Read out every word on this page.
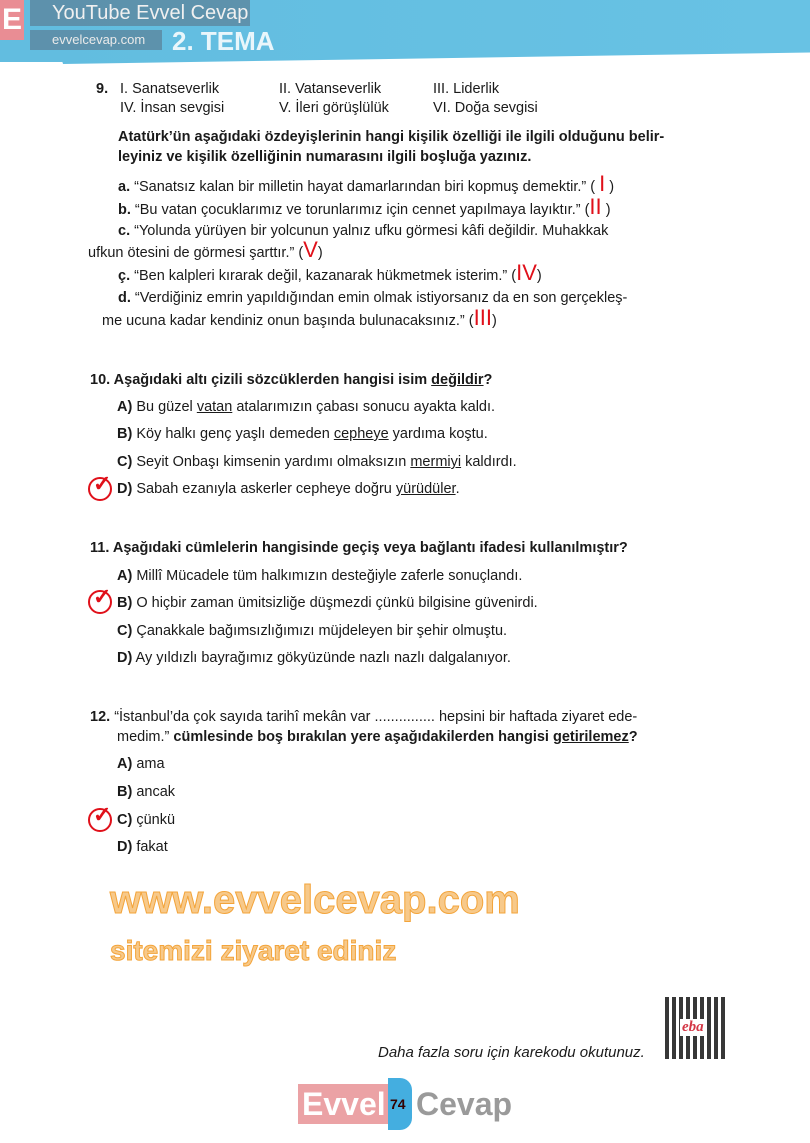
YouTube Evvel Cevap
evvelcevap.com	2. TEMA
E
9. I. Sanatseverlik	II. Vatanseverlik	III. Liderlik
IV. İnsan sevgisi	V. İleri görüşlülük	VI. Doğa sevgisi
Atatürk’ün aşağıdaki özdeyişlerinin hangi kişilik özelliği ile ilgili olduğunu belir-
leyiniz ve kişilik özelliğinin numarasını ilgili boşluğa yazınız.
a. “Sanatsız kalan bir milletin hayat damarlarından biri kopmuş demektir.” ( I )
b. “Bu vatan çocuklarımız ve torunlarımız için cennet yapılmaya layıktır.” (II )
c. “Yolunda yürüyen bir yolcunun yalnız ufku görmesi kâfi değildir. Muhakkak
ufkun ötesini de görmesi şarttır.” (V)
ç. “Ben kalpleri kırarak değil, kazanarak hükmetmek isterim.” (IV)
d. “Verdiğiniz emrin yapıldığından emin olmak istiyorsanız da en son gerçekleş-
me ucuna kadar kendiniz onun başında bulunacaksınız.” (III)
10. Aşağıdaki altı çizili sözcüklerden hangisi isim değildir?
A) Bu güzel vatan atalarımızın çabası sonucu ayakta kaldı.
B) Köy halkı genç yaşlı demeden cepheye yardıma koştu.
C) Seyit Onbaşı kimsenin yardımı olmaksızın mermiyi kaldırdı.
D) Sabah ezanıyla askerler cepheye doğru yürüdüler.
✓
11. Aşağıdaki cümlelerin hangisinde geçiş veya bağlantı ifadesi kullanılmıştır?
A) Millî Mücadele tüm halkımızın desteğiyle zaferle sonuçlandı.
B) O hiçbir zaman ümitsizliğe düşmezdi çünkü bilgisine güvenirdi.
C) Çanakkale bağımsızlığımızı müjdeleyen bir şehir olmuştu.
D) Ay yıldızlı bayrağımız gökyüzünde nazlı nazlı dalgalanıyor.
✓
12. “İstanbul’da çok sayıda tarihî mekân var ............... hepsini bir haftada ziyaret ede-
medim.” cümlesinde boş bırakılan yere aşağıdakilerden hangisi getirilemez?
A) ama
B) ancak
C) çünkü
D) fakat
✓
www.evvelcevap.com
sitemizi ziyaret ediniz
eba
Daha fazla soru için karekodu okutunuz.
Evvel 74 Cevap
